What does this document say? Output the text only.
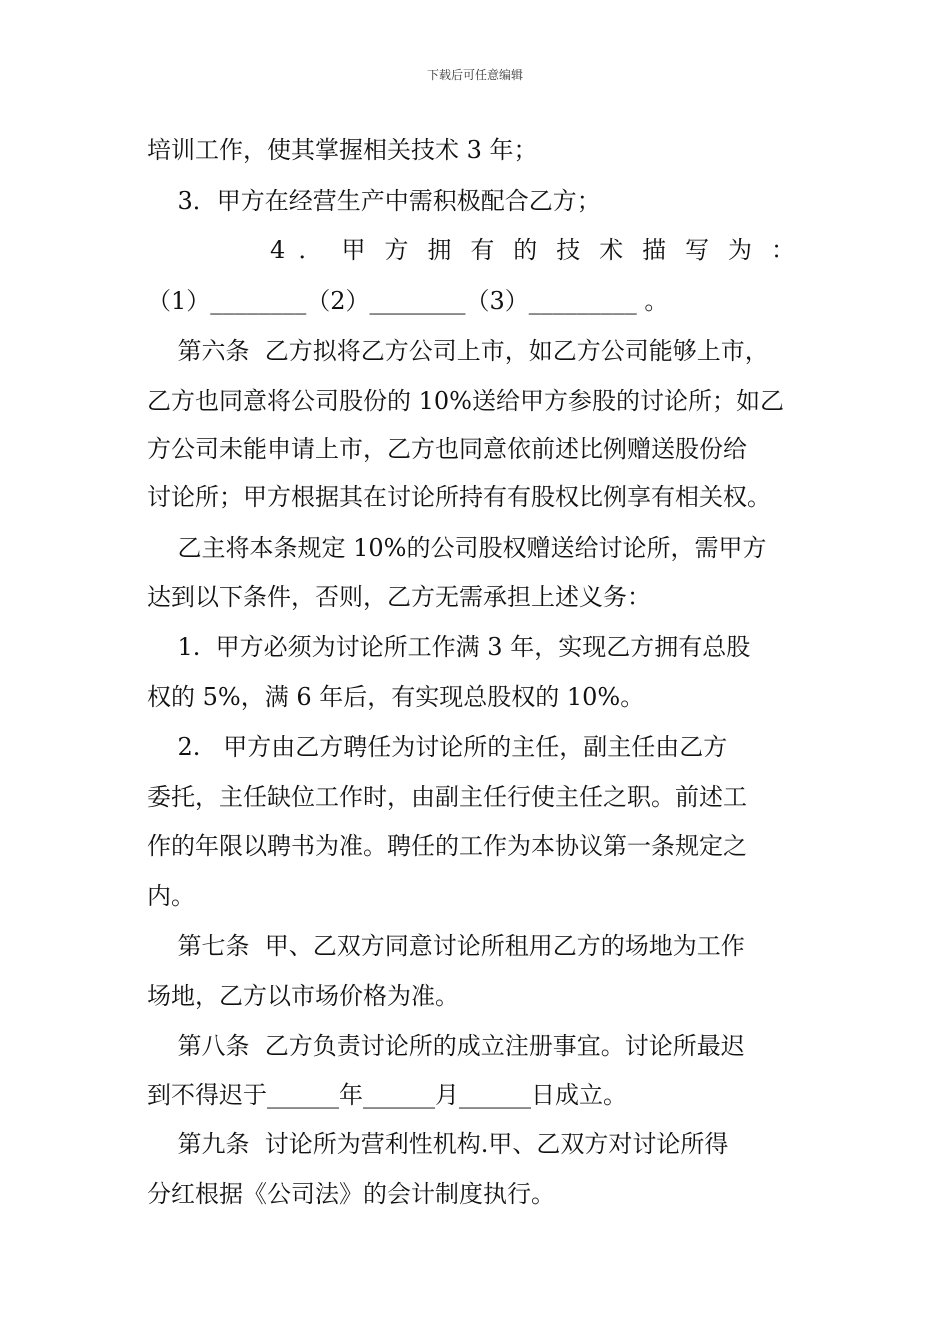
下载后可任意编辑
培训工作，使其掌握相关技术 3 年；
3．甲方在经营生产中需积极配合乙方；
4 ． 甲 方 拥 有 的 技 术 描 写 为 ：
（1）________（2）________（3）_________ 。
第六条  乙方拟将乙方公司上市，如乙方公司能够上市，
乙方也同意将公司股份的 10%送给甲方参股的讨论所；如乙
方公司未能申请上市，乙方也同意依前述比例赠送股份给
讨论所；甲方根据其在讨论所持有有股权比例享有相关权。
乙主将本条规定 10%的公司股权赠送给讨论所，需甲方
达到以下条件，否则，乙方无需承担上述义务：
1.  甲方必须为讨论所工作满 3 年，实现乙方拥有总股
权的 5%，满 6 年后，有实现总股权的 10%。
2.   甲方由乙方聘任为讨论所的主任，副主任由乙方
委托，主任缺位工作时，由副主任行使主任之职。前述工
作的年限以聘书为准。聘任的工作为本协议第一条规定之
内。
第七条  甲、乙双方同意讨论所租用乙方的场地为工作
场地，乙方以市场价格为准。
第八条  乙方负责讨论所的成立注册事宜。讨论所最迟
到不得迟于______年______月______日成立。
第九条  讨论所为营利性机构.甲、乙双方对讨论所得
分红根据《公司法》的会计制度执行。
